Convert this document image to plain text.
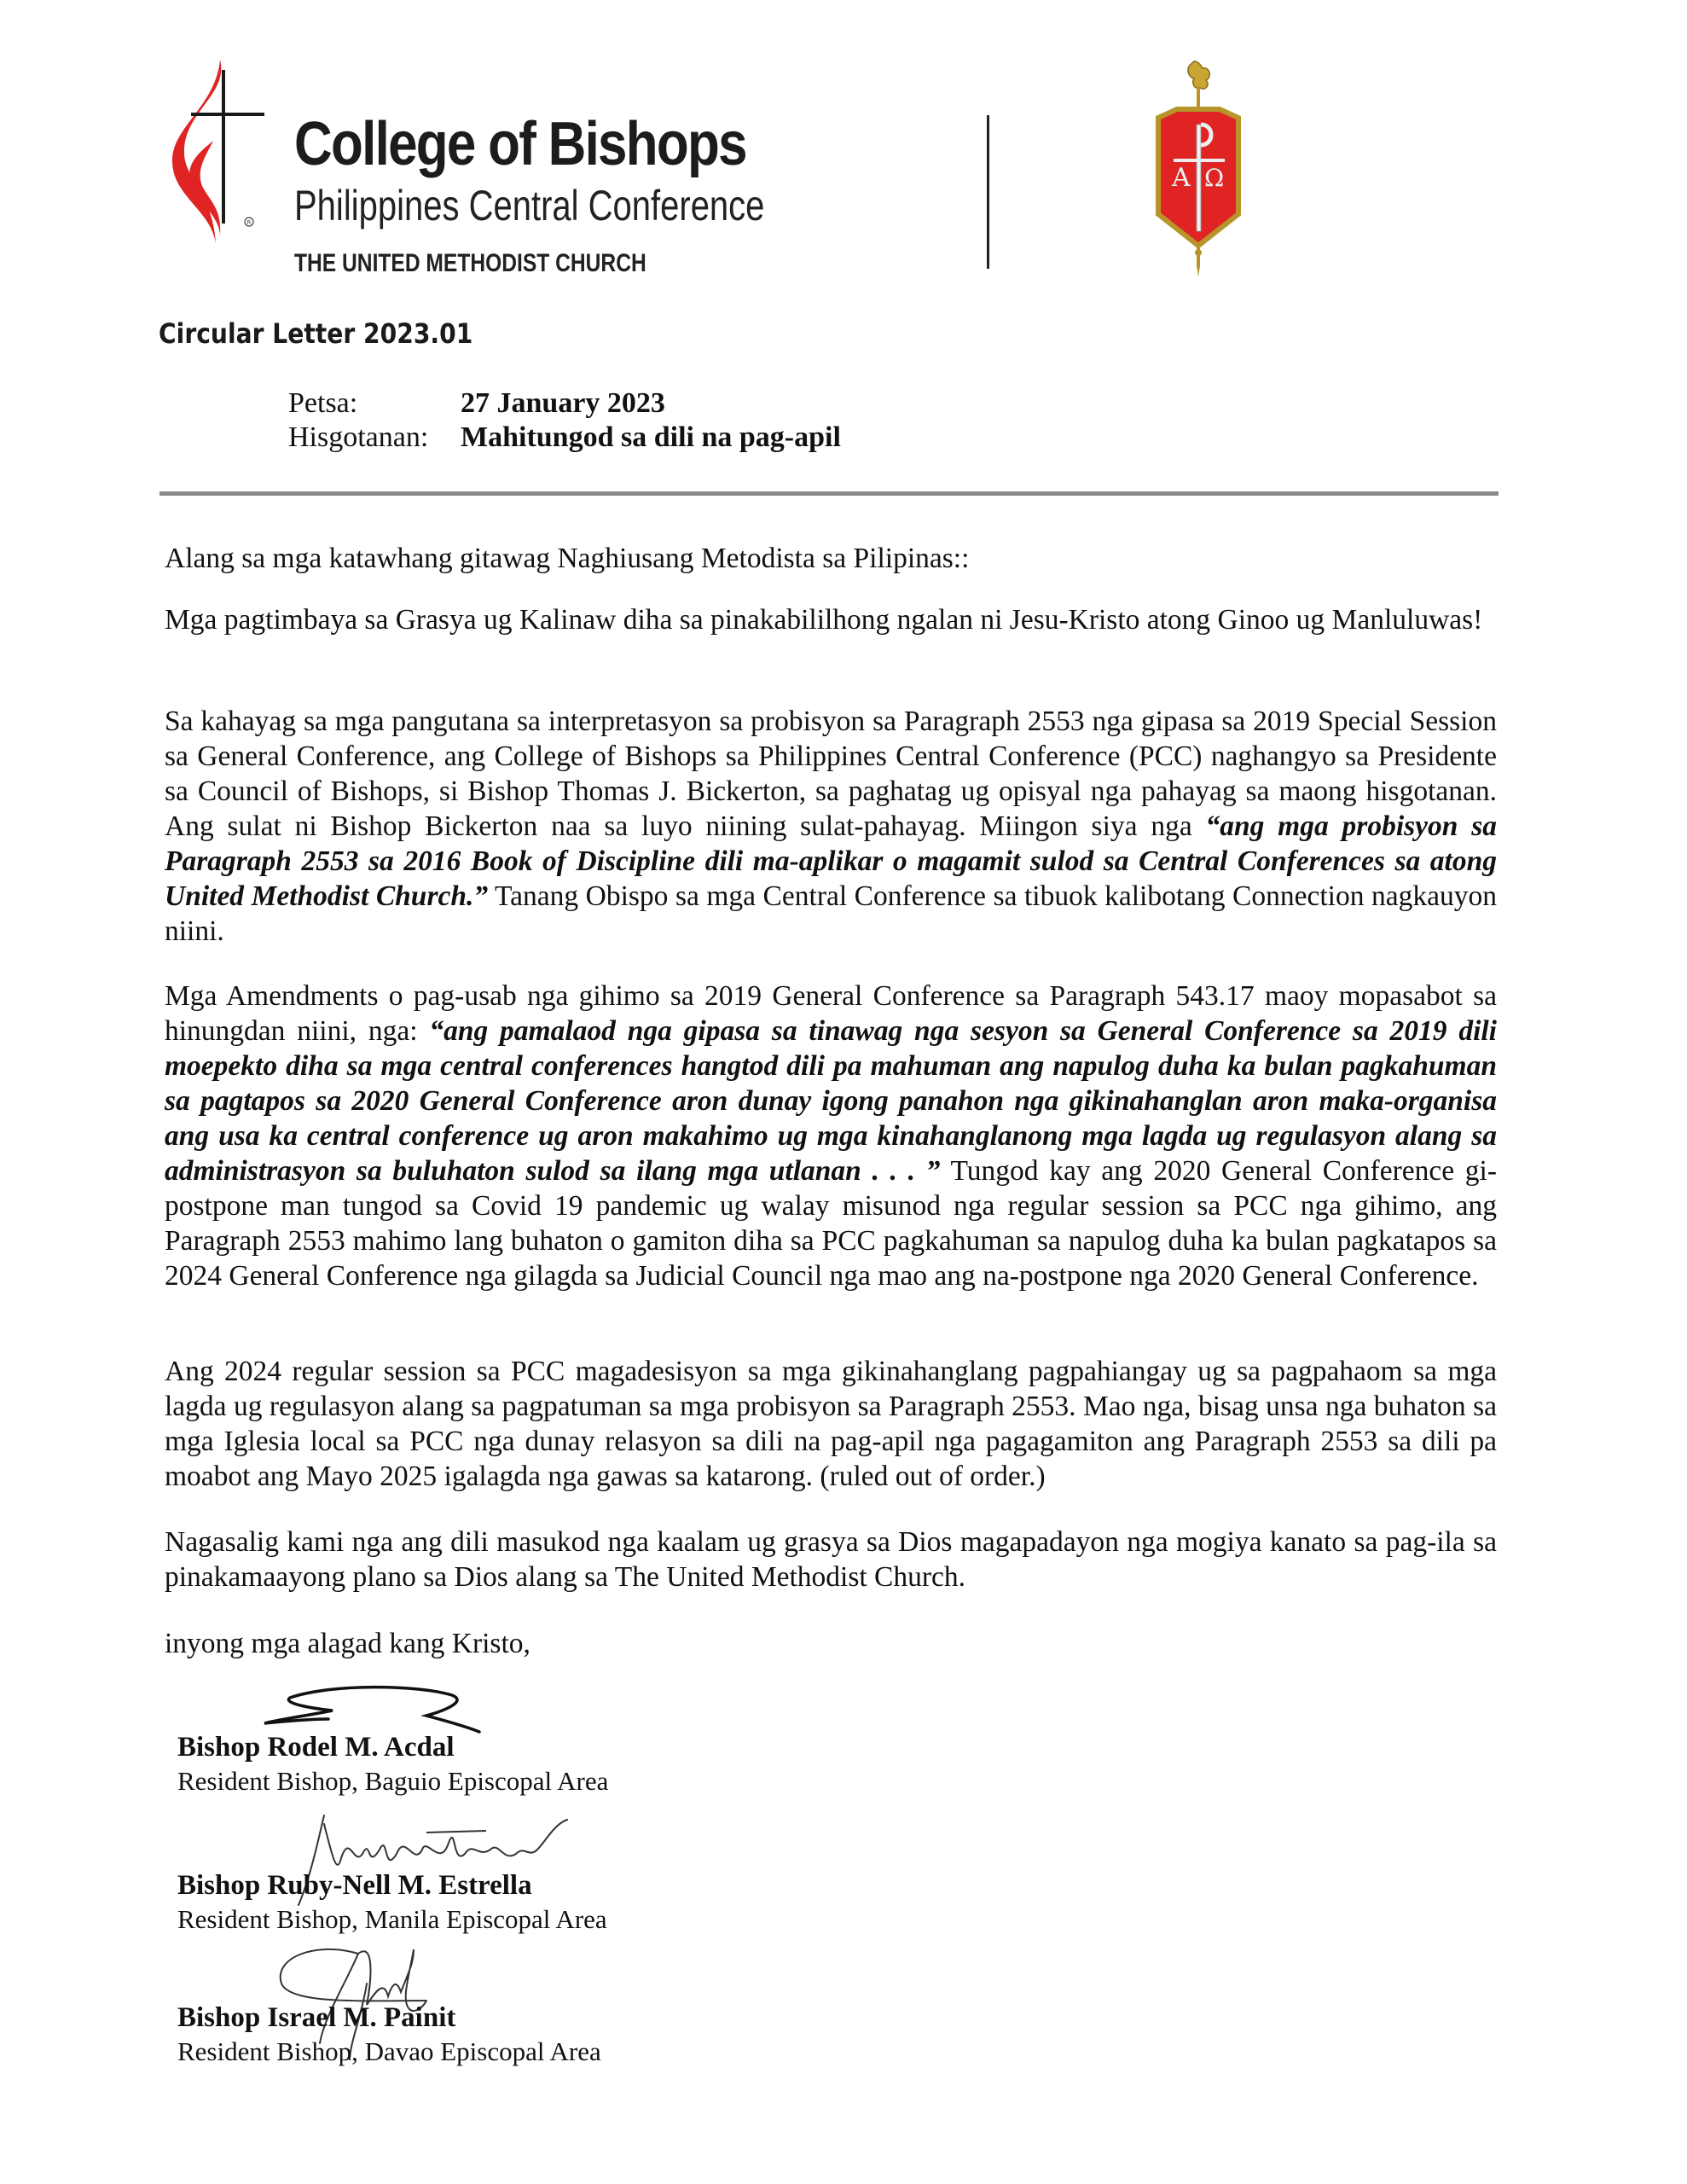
R
College of Bishops
Philippines Central Conference
THE UNITED METHODIST CHURCH
A Ω
Circular Letter 2023.01
Petsa:	27 January 2023
Hisgotanan: Mahitungod sa dili na pag-apil
Alang sa mga katawhang gitawag Naghiusang Metodista sa Pilipinas::
Mga pagtimbaya sa Grasya ug Kalinaw diha sa pinakabililhong ngalan ni Jesu-Kristo atong Ginoo ug Manluluwas!

Sa kahayag sa mga pangutana sa interpretasyon sa probisyon sa Paragraph 2553 nga gipasa sa 2019 Special Session sa General Conference, ang College of Bishops sa Philippines Central Conference (PCC) naghangyo sa Presidente sa Council of Bishops, si Bishop Thomas J. Bickerton, sa paghatag ug opisyal nga pahayag sa maong hisgotanan. Ang sulat ni Bishop Bickerton naa sa luyo niining sulat-pahayag. Miingon siya nga “ang mga probisyon sa Paragraph 2553 sa 2016 Book of Discipline dili ma-aplikar o magamit sulod sa Central Conferences sa atong United Methodist Church.” Tanang Obispo sa mga Central Conference sa tibuok kalibotang Connection nagkauyon niini.

Mga Amendments o pag-usab nga gihimo sa 2019 General Conference sa Paragraph 543.17 maoy mopasabot sa hinungdan niini, nga: “ang pamalaod nga gipasa sa tinawag nga sesyon sa General Conference sa 2019 dili moepekto diha sa mga central conferences hangtod dili pa mahuman ang napulog duha ka bulan pagkahuman sa pagtapos sa 2020 General Conference aron dunay igong panahon nga gikinahanglan aron maka-organisa ang usa ka central conference ug aron makahimo ug mga kinahanglanong mga lagda ug regulasyon alang sa administrasyon sa buluhaton sulod sa ilang mga utlanan . . . ” Tungod kay ang 2020 General Conference gi- postpone man tungod sa Covid 19 pandemic ug walay misunod nga regular session sa PCC nga gihimo, ang Paragraph 2553 mahimo lang buhaton o gamiton diha sa PCC pagkahuman sa napulog duha ka bulan pagkatapos sa 2024 General Conference nga gilagda sa Judicial Council nga mao ang na-postpone nga 2020 General Conference.

Ang 2024 regular session sa PCC magadesisyon sa mga gikinahanglang pagpahiangay ug sa pagpahaom sa mga lagda ug regulasyon alang sa pagpatuman sa mga probisyon sa Paragraph 2553. Mao nga, bisag unsa nga buhaton sa mga Iglesia local sa PCC nga dunay relasyon sa dili na pag-apil nga pagagamiton ang Paragraph 2553 sa dili pa moabot ang Mayo 2025 igalagda nga gawas sa katarong. (ruled out of order.)
Nagasalig kami nga ang dili masukod nga kaalam ug grasya sa Dios magapadayon nga mogiya kanato sa pag-ila sa pinakamaayong plano sa Dios alang sa The United Methodist Church.
inyong mga alagad kang Kristo,
Bishop Rodel M. Acdal
Resident Bishop, Baguio Episcopal Area
Bishop Ruby-Nell M. Estrella
Resident Bishop, Manila Episcopal Area
Bishop Israel M. Painit
Resident Bishop, Davao Episcopal Area
